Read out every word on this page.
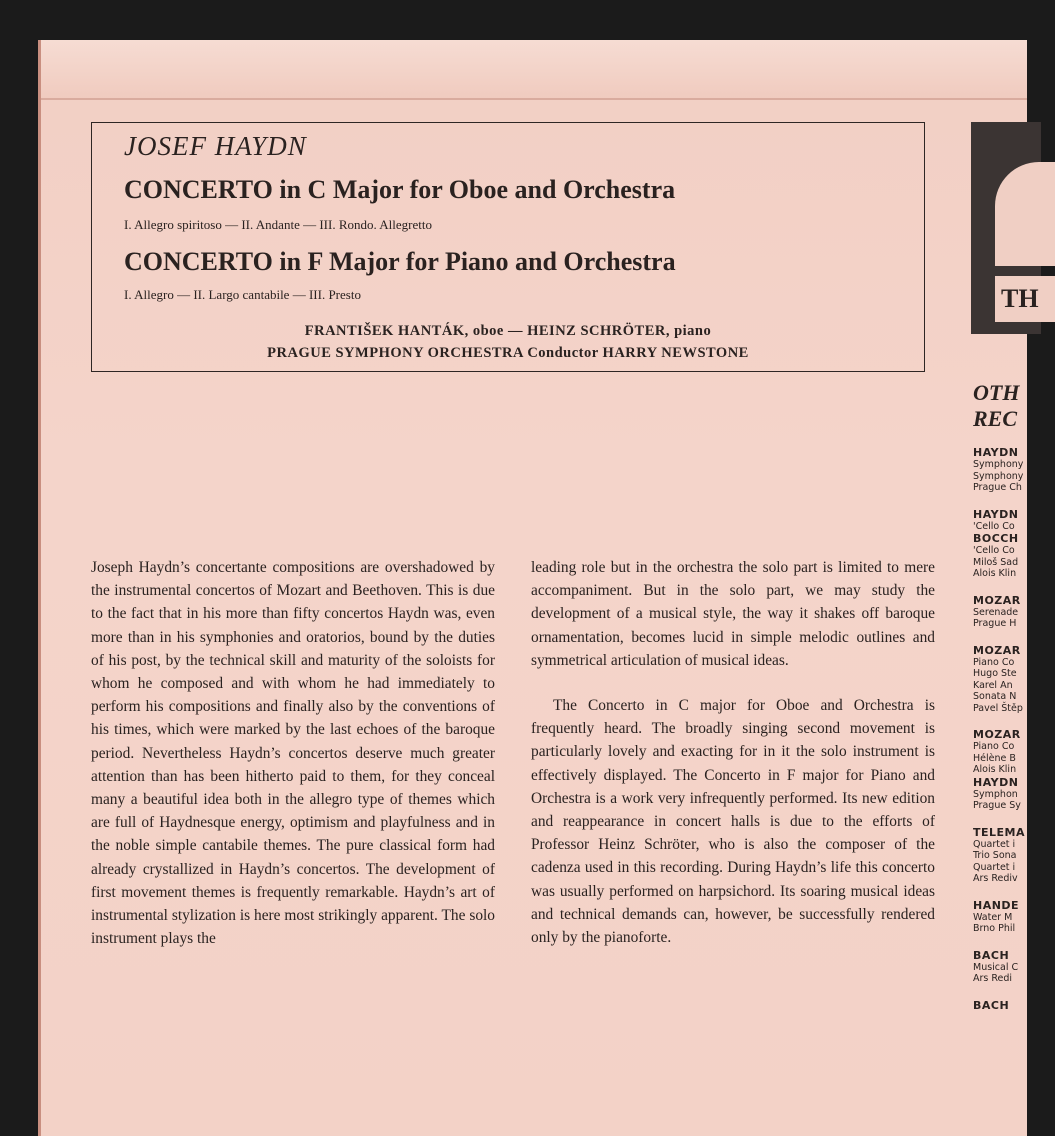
JOSEF HAYDN
CONCERTO in C Major for Oboe and Orchestra
I. Allegro spiritoso — II. Andante — III. Rondo. Allegretto
CONCERTO in F Major for Piano and Orchestra
I. Allegro — II. Largo cantabile — III. Presto
FRANTIŠEK HANTÁK, oboe — HEINZ SCHRÖTER, piano
PRAGUE SYMPHONY ORCHESTRA Conductor HARRY NEWSTONE

Joseph Haydn’s concertante compositions are overshadowed by the instrumental concertos of Mozart and Beethoven. This is due to the fact that in his more than fifty concertos Haydn was, even more than in his symphonies and oratorios, bound by the duties of his post, by the technical skill and maturity of the soloists for whom he composed and with whom he had immediately to perform his compositions and finally also by the conventions of his times, which were marked by the last echoes of the baroque period. Nevertheless Haydn’s concertos deserve much greater attention than has been hitherto paid to them, for they conceal many a beautiful idea both in the allegro type of themes which are full of Haydnesque energy, optimism and playfulness and in the noble simple cantabile themes. The pure classical form had already crystallized in Haydn’s concertos. The development of first movement themes is frequently remarkable. Haydn’s art of instrumental stylization is here most strikingly apparent. The solo instrument plays the

leading role but in the orchestra the solo part is limited to mere accompaniment. But in the solo part, we may study the development of a musical style, the way it shakes off baroque ornamentation, becomes lucid in simple melodic outlines and symmetrical articulation of musical ideas.

The Concerto in C major for Oboe and Orchestra is frequently heard. The broadly singing second movement is particularly lovely and exacting for in it the solo instrument is effectively displayed. The Concerto in F major for Piano and Orchestra is a work very infrequently performed. Its new edition and reappearance in concert halls is due to the efforts of Professor Heinz Schröter, who is also the composer of the cadenza used in this recording. During Haydn’s life this concerto was usually performed on harpsichord. Its soaring musical ideas and technical demands can, however, be successfully rendered only by the pianoforte.

TH
OTH
REC
HAYDN
Symphony
Symphony
Prague Ch
HAYDN
'Cello Co
BOCCH
'Cello Co
Miloš Sad
Alois Klin
MOZAR
Serenade
Prague H
MOZAR
Piano Co
Hugo Ste
Karel An
Sonata N
Pavel Štěp
MOZAR
Piano Co
Hélène B
Alois Klin
HAYDN
Symphon
Prague Sy
TELEMA
Quartet i
Trio Sona
Quartet i
Ars Rediv
HANDE
Water M
Brno Phil
BACH
Musical C
Ars Redi
BACH
